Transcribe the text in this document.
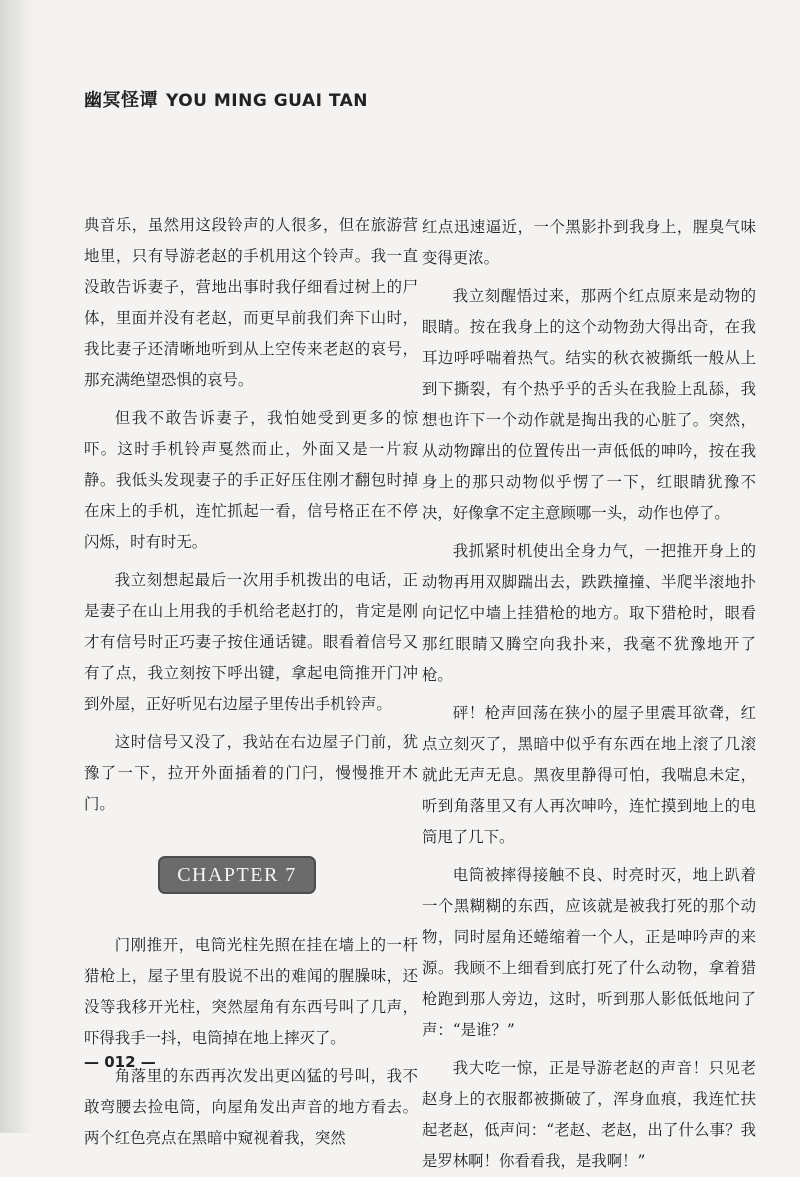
幽冥怪谭 YOU MING GUAI TAN

典音乐，虽然用这段铃声的人很多，但在旅游营地里，只有导游老赵的手机用这个铃声。我一直没敢告诉妻子，营地出事时我仔细看过树上的尸体，里面并没有老赵，而更早前我们奔下山时，我比妻子还清晰地听到从上空传来老赵的哀号，那充满绝望恐惧的哀号。

但我不敢告诉妻子，我怕她受到更多的惊吓。这时手机铃声戛然而止，外面又是一片寂静。我低头发现妻子的手正好压住刚才翻包时掉在床上的手机，连忙抓起一看，信号格正在不停闪烁，时有时无。

我立刻想起最后一次用手机拨出的电话，正是妻子在山上用我的手机给老赵打的，肯定是刚才有信号时正巧妻子按住通话键。眼看着信号又有了点，我立刻按下呼出键，拿起电筒推开门冲到外屋，正好听见右边屋子里传出手机铃声。

这时信号又没了，我站在右边屋子门前，犹豫了一下，拉开外面插着的门闩，慢慢推开木门。

CHAPTER 7

门刚推开，电筒光柱先照在挂在墙上的一杆猎枪上，屋子里有股说不出的难闻的腥臊味，还没等我移开光柱，突然屋角有东西号叫了几声，吓得我手一抖，电筒掉在地上摔灭了。

角落里的东西再次发出更凶猛的号叫，我不敢弯腰去捡电筒，向屋角发出声音的地方看去。两个红色亮点在黑暗中窥视着我，突然

红点迅速逼近，一个黑影扑到我身上，腥臭气味变得更浓。

我立刻醒悟过来，那两个红点原来是动物的眼睛。按在我身上的这个动物劲大得出奇，在我耳边呼呼喘着热气。结实的秋衣被撕纸一般从上到下撕裂，有个热乎乎的舌头在我脸上乱舔，我想也许下一个动作就是掏出我的心脏了。突然，从动物蹿出的位置传出一声低低的呻吟，按在我身上的那只动物似乎愣了一下，红眼睛犹豫不决，好像拿不定主意顾哪一头，动作也停了。

我抓紧时机使出全身力气，一把推开身上的动物再用双脚踹出去，跌跌撞撞、半爬半滚地扑向记忆中墙上挂猎枪的地方。取下猎枪时，眼看那红眼睛又腾空向我扑来，我毫不犹豫地开了枪。

砰！枪声回荡在狭小的屋子里震耳欲聋，红点立刻灭了，黑暗中似乎有东西在地上滚了几滚就此无声无息。黑夜里静得可怕，我喘息未定，听到角落里又有人再次呻吟，连忙摸到地上的电筒甩了几下。

电筒被摔得接触不良、时亮时灭，地上趴着一个黑糊糊的东西，应该就是被我打死的那个动物，同时屋角还蜷缩着一个人，正是呻吟声的来源。我顾不上细看到底打死了什么动物，拿着猎枪跑到那人旁边，这时，听到那人影低低地问了声：“是谁？”

我大吃一惊，正是导游老赵的声音！只见老赵身上的衣服都被撕破了，浑身血痕，我连忙扶起老赵，低声问：“老赵、老赵，出了什么事？我是罗林啊！你看看我，是我啊！”

— 012 —
